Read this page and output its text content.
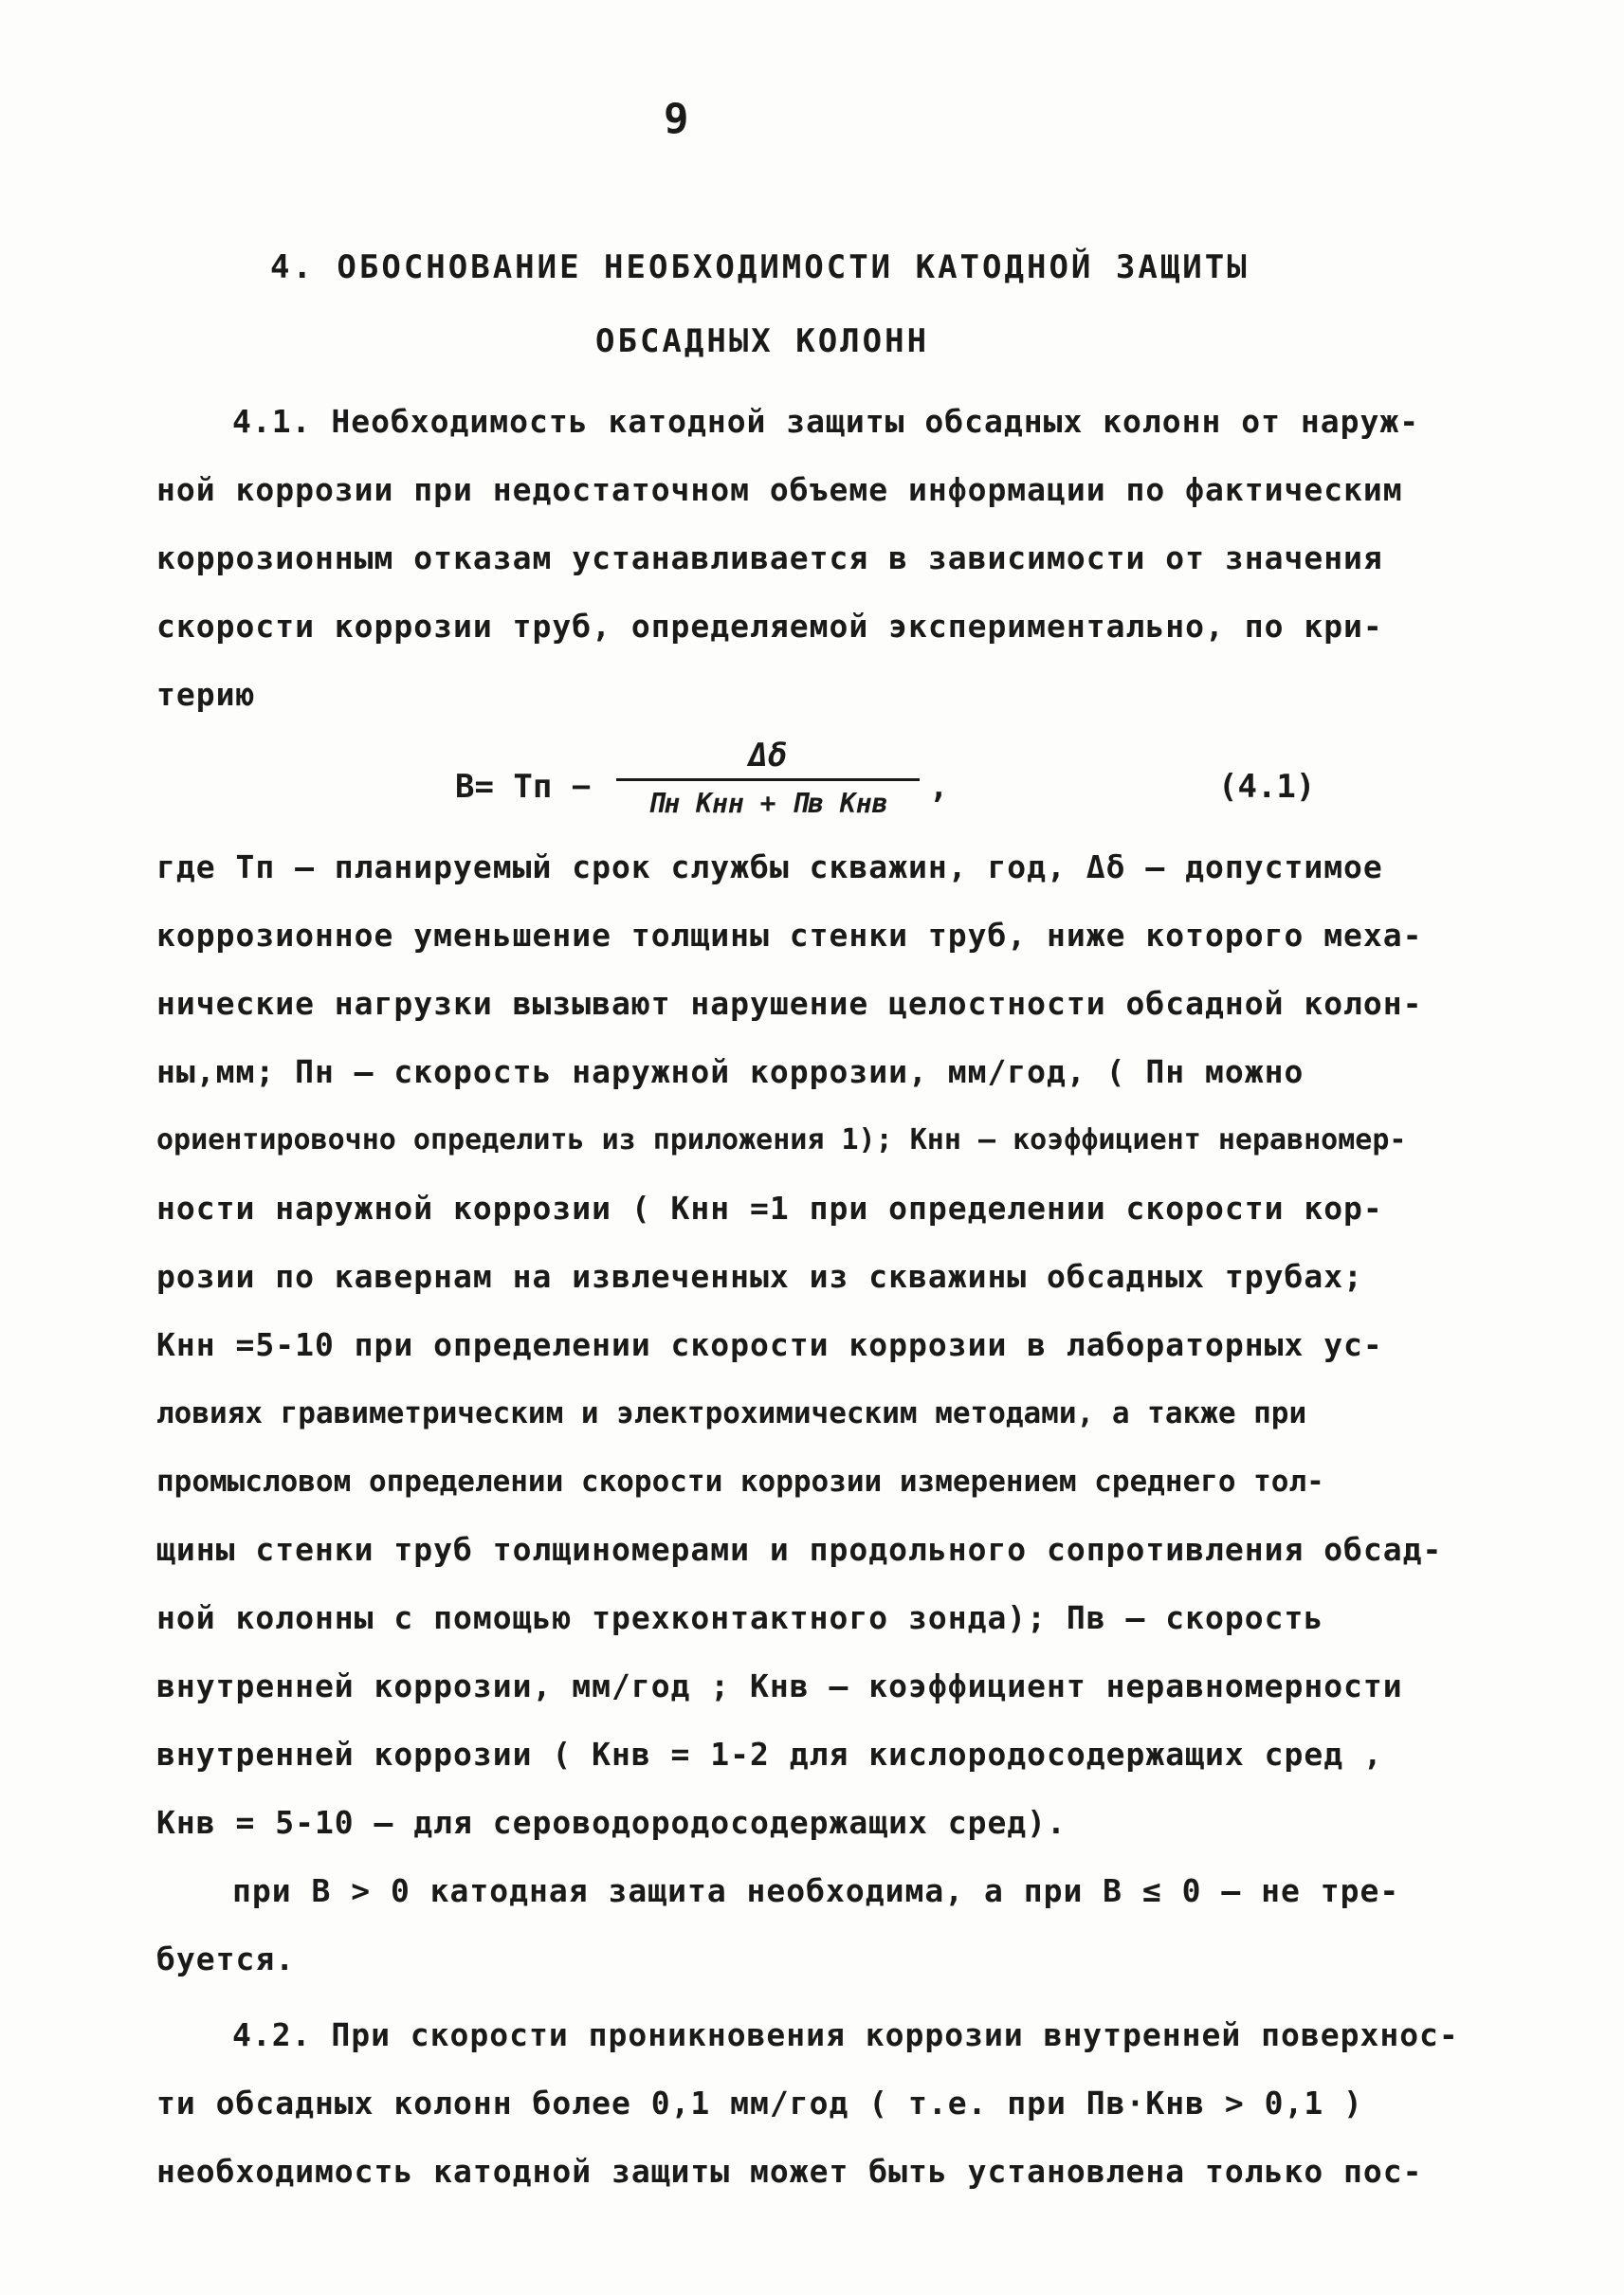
9
4. ОБОСНОВАНИЕ НЕОБХОДИМОСТИ КАТОДНОЙ ЗАЩИТЫ
ОБСАДНЫХ КОЛОНН
4.1. Необходимость катодной защиты обсадных колонн от наруж-
ной коррозии при недостаточном объеме информации по фактическим
коррозионным отказам устанавливается в зависимости от значения
скорости коррозии труб, определяемой экспериментально, по кри-
терию
B= Tп −
Δδ
Пн Кнн + Пв Кнв	,	(4.1)
где Tп – планируемый срок службы скважин, год, Δδ – допустимое
коррозионное уменьшение толщины стенки труб, ниже которого меха-
нические нагрузки вызывают нарушение целостности обсадной колон-
ны,мм; Пн – скорость наружной коррозии, мм/год, ( Пн можно
ориентировочно определить из приложения 1); Кнн – коэффициент неравномер-
ности наружной коррозии ( Кнн =1 при определении скорости кор-
розии по кавернам на извлеченных из скважины обсадных трубах;
Кнн =5-10 при определении скорости коррозии в лабораторных ус-
ловиях гравиметрическим и электрохимическим методами, а также при
промысловом определении скорости коррозии измерением среднего тол-
щины стенки труб толщиномерами и продольного сопротивления обсад-
ной колонны с помощью трехконтактного зонда); Пв – скорость
внутренней коррозии, мм/год ; Кнв – коэффициент неравномерности
внутренней коррозии ( Кнв = 1-2 для кислородосодержащих сред ,
Кнв = 5-10 – для сероводородосодержащих сред).
при B > 0 катодная защита необходима, а при B ≤ 0 – не тре-
буется.
4.2. При скорости проникновения коррозии внутренней поверхнос-
ти обсадных колонн более 0,1 мм/год ( т.е. при Пв·Кнв > 0,1 )
необходимость катодной защиты может быть установлена только пос-
